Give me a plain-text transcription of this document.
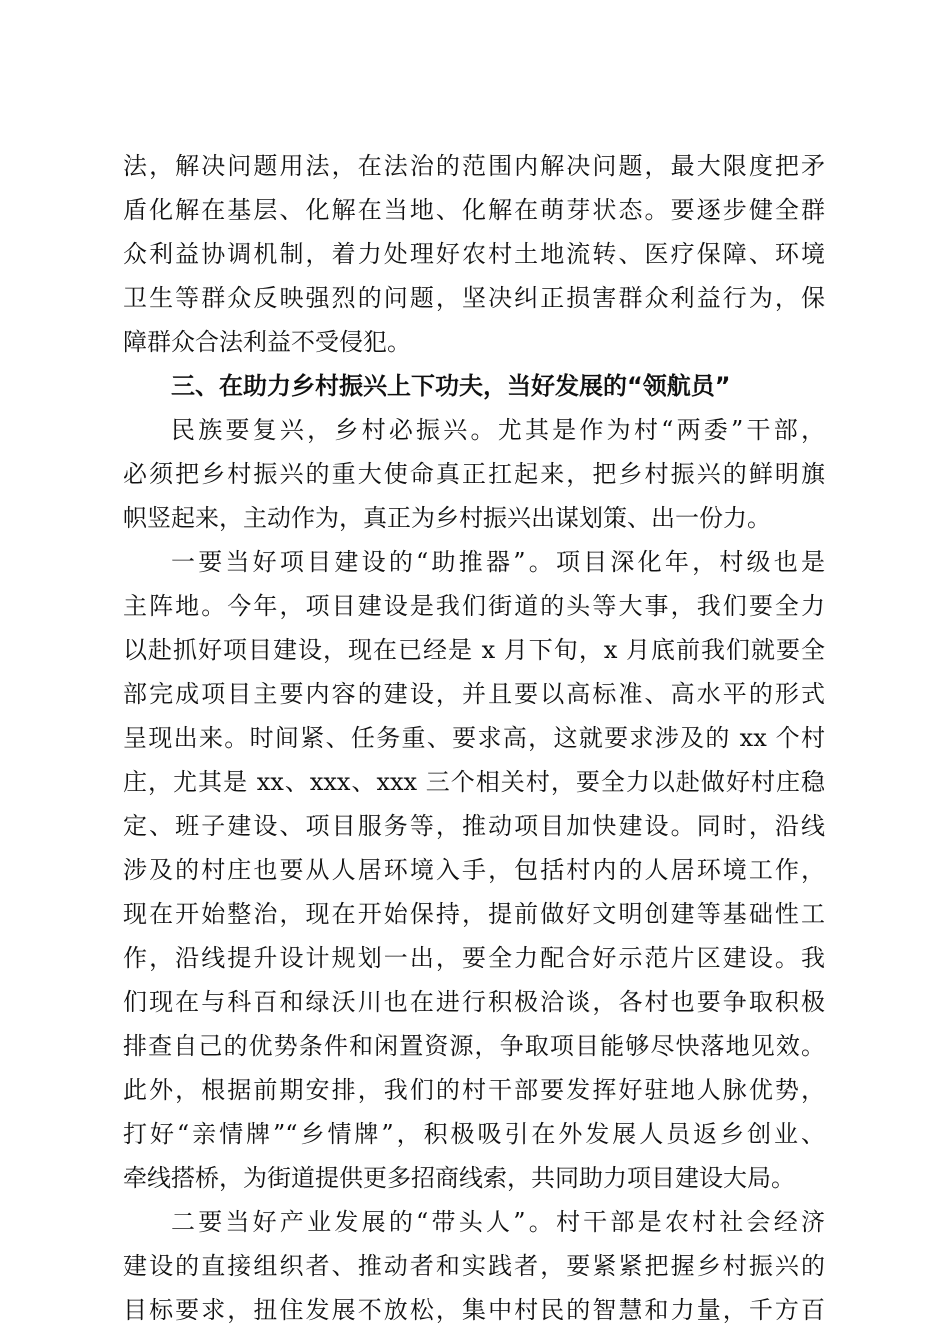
法，解决问题用法，在法治的范围内解决问题，最大限度把矛
盾化解在基层、化解在当地、化解在萌芽状态。要逐步健全群
众利益协调机制，着力处理好农村土地流转、医疗保障、环境
卫生等群众反映强烈的问题，坚决纠正损害群众利益行为，保
障群众合法利益不受侵犯。
三、在助力乡村振兴上下功夫，当好发展的“领航员”
民族要复兴，乡村必振兴。尤其是作为村“两委”干部，
必须把乡村振兴的重大使命真正扛起来，把乡村振兴的鲜明旗
帜竖起来，主动作为，真正为乡村振兴出谋划策、出一份力。
一要当好项目建设的“助推器”。项目深化年，村级也是
主阵地。今年，项目建设是我们街道的头等大事，我们要全力
以赴抓好项目建设，现在已经是 x 月下旬，x 月底前我们就要全
部完成项目主要内容的建设，并且要以高标准、高水平的形式
呈现出来。时间紧、任务重、要求高，这就要求涉及的 xx 个村
庄，尤其是 xx、xxx、xxx 三个相关村，要全力以赴做好村庄稳
定、班子建设、项目服务等，推动项目加快建设。同时，沿线
涉及的村庄也要从人居环境入手，包括村内的人居环境工作，
现在开始整治，现在开始保持，提前做好文明创建等基础性工
作，沿线提升设计规划一出，要全力配合好示范片区建设。我
们现在与科百和绿沃川也在进行积极洽谈，各村也要争取积极
排查自己的优势条件和闲置资源，争取项目能够尽快落地见效。
此外，根据前期安排，我们的村干部要发挥好驻地人脉优势，
打好“亲情牌”“乡情牌”，积极吸引在外发展人员返乡创业、
牵线搭桥，为街道提供更多招商线索，共同助力项目建设大局。
二要当好产业发展的“带头人”。村干部是农村社会经济
建设的直接组织者、推动者和实践者，要紧紧把握乡村振兴的
目标要求，扭住发展不放松，集中村民的智慧和力量，千方百
